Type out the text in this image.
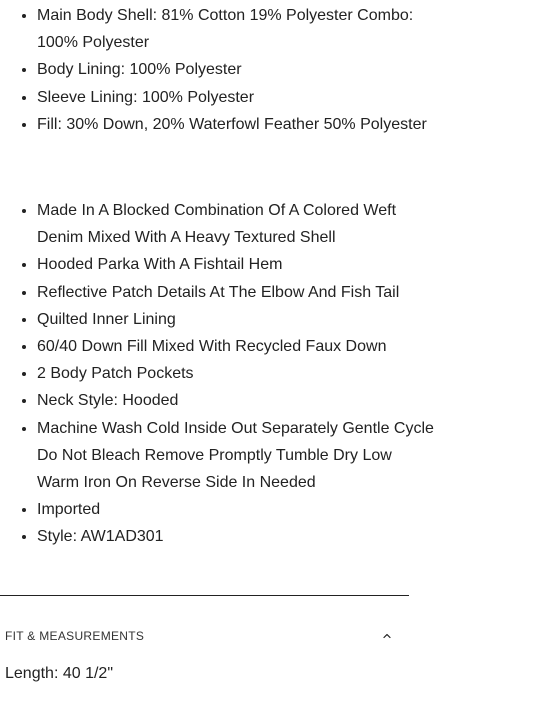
• Main Body Shell: 81% Cotton 19% Polyester Combo: 100% Polyester
• Body Lining: 100% Polyester
• Sleeve Lining: 100% Polyester
• Fill: 30% Down, 20% Waterfowl Feather 50% Polyester
• Made In A Blocked Combination Of A Colored Weft Denim Mixed With A Heavy Textured Shell
• Hooded Parka With A Fishtail Hem
• Reflective Patch Details At The Elbow And Fish Tail
• Quilted Inner Lining
• 60/40 Down Fill Mixed With Recycled Faux Down
• 2 Body Patch Pockets
• Neck Style: Hooded
• Machine Wash Cold Inside Out Separately Gentle Cycle Do Not Bleach Remove Promptly Tumble Dry Low Warm Iron On Reverse Side In Needed
• Imported
• Style: AW1AD301
FIT & MEASUREMENTS
Length: 40 1/2"
